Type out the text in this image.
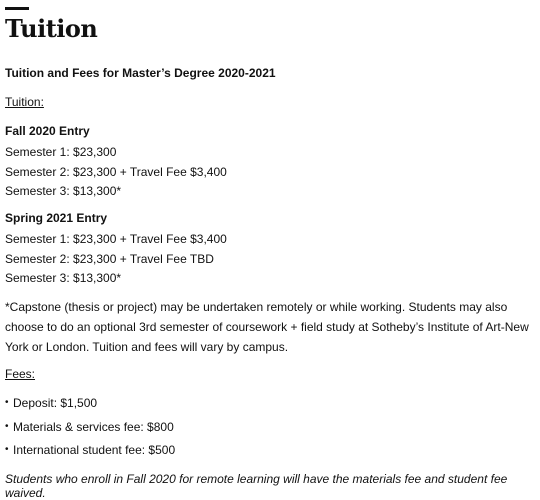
Tuition

Tuition and Fees for Master’s Degree 2020-2021

Tuition:
Fall 2020 Entry
Semester 1: $23,300
Semester 2: $23,300 + Travel Fee $3,400
Semester 3: $13,300*
Spring 2021 Entry
Semester 1: $23,300 + Travel Fee $3,400
Semester 2: $23,300 + Travel Fee TBD
Semester 3: $13,300*

*Capstone (thesis or project) may be undertaken remotely or while working. Students may also choose to do an optional 3rd semester of coursework + field study at Sotheby’s Institute of Art-New York or London. Tuition and fees will vary by campus.

Fees:
• Deposit: $1,500
• Materials & services fee: $800
• International student fee: $500

Students who enroll in Fall 2020 for remote learning will have the materials fee and student fee waived.
